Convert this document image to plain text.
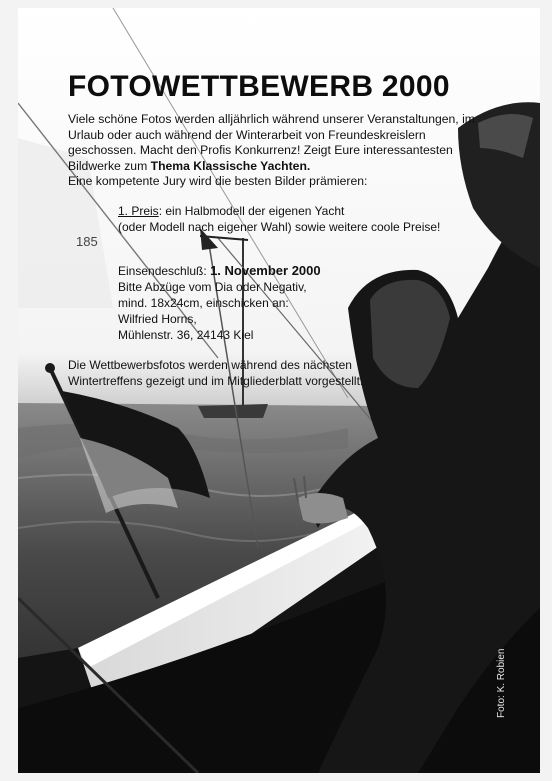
185
FOTOWETTBEWERB 2000
Viele schöne Fotos werden alljährlich während unserer Veranstaltungen, im
Urlaub oder auch während der Winterarbeit von Freundeskreislern
geschossen. Macht den Profis Konkurrenz! Zeigt Eure interessantesten
Bildwerke zum Thema Klassische Yachten.
Eine kompetente Jury wird die besten Bilder prämieren:
1. Preis: ein Halbmodell der eigenen Yacht
(oder Modell nach eigener Wahl) sowie weitere coole Preise!
Einsendeschluß: 1. November 2000
Bitte Abzüge vom Dia oder Negativ,
mind. 18x24cm, einschicken an:
Wilfried Horns,
Mühlenstr. 36, 24143 Kiel
Die Wettbewerbsfotos werden während des nächsten
Wintertreffens gezeigt und im Mitgliederblatt vorgestellt.
Foto: K. Robien
